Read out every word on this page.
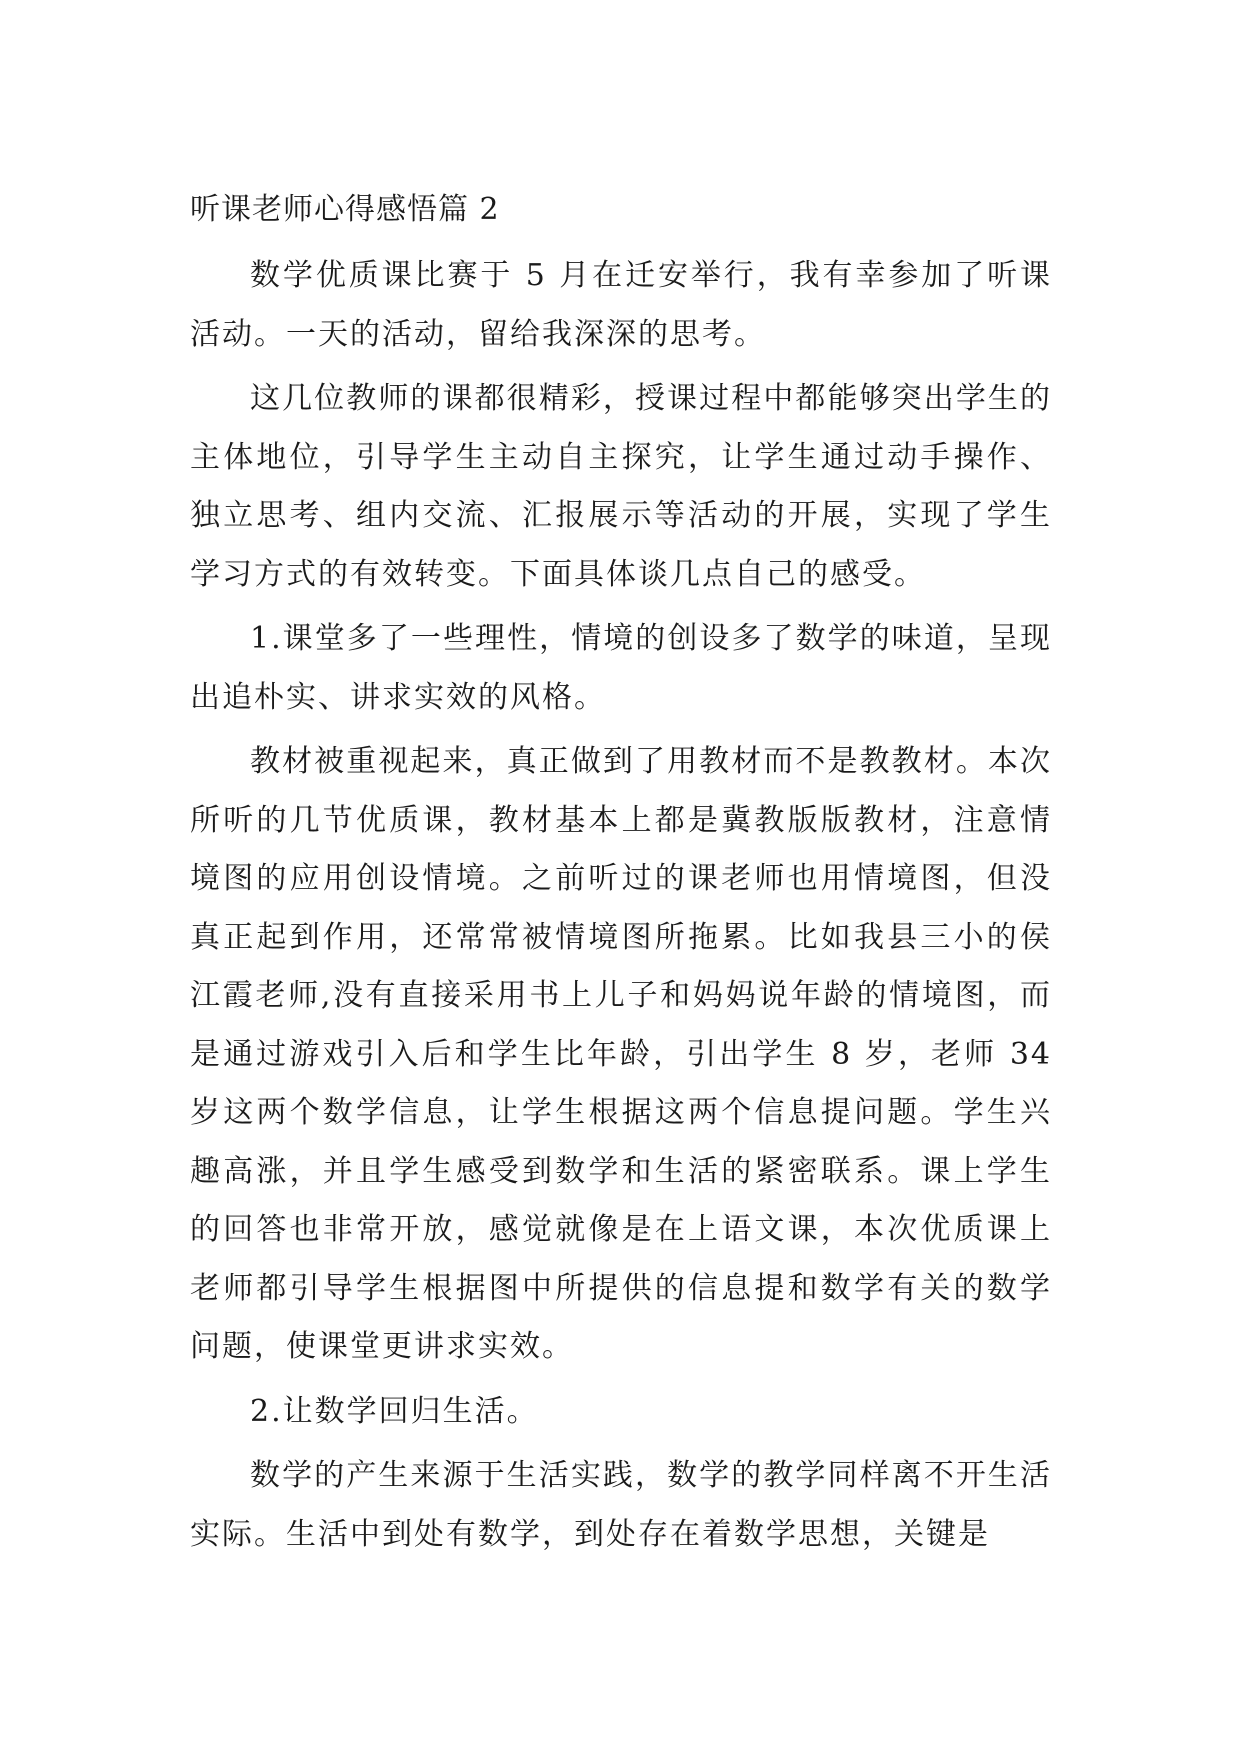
听课老师心得感悟篇 2

数学优质课比赛于 5 月在迁安举行，我有幸参加了听课活动。一天的活动，留给我深深的思考。

这几位教师的课都很精彩，授课过程中都能够突出学生的主体地位，引导学生主动自主探究，让学生通过动手操作、独立思考、组内交流、汇报展示等活动的开展，实现了学生学习方式的有效转变。下面具体谈几点自己的感受。

1.课堂多了一些理性，情境的创设多了数学的味道，呈现出追朴实、讲求实效的风格。

教材被重视起来，真正做到了用教材而不是教教材。本次所听的几节优质课，教材基本上都是冀教版版教材，注意情境图的应用创设情境。之前听过的课老师也用情境图，但没真正起到作用，还常常被情境图所拖累。比如我县三小的侯江霞老师,没有直接采用书上儿子和妈妈说年龄的情境图，而是通过游戏引入后和学生比年龄，引出学生 8 岁，老师 34 岁这两个数学信息，让学生根据这两个信息提问题。学生兴趣高涨，并且学生感受到数学和生活的紧密联系。课上学生的回答也非常开放，感觉就像是在上语文课，本次优质课上老师都引导学生根据图中所提供的信息提和数学有关的数学问题，使课堂更讲求实效。

2.让数学回归生活。

数学的产生来源于生活实践，数学的教学同样离不开生活实际。生活中到处有数学，到处存在着数学思想，关键是
